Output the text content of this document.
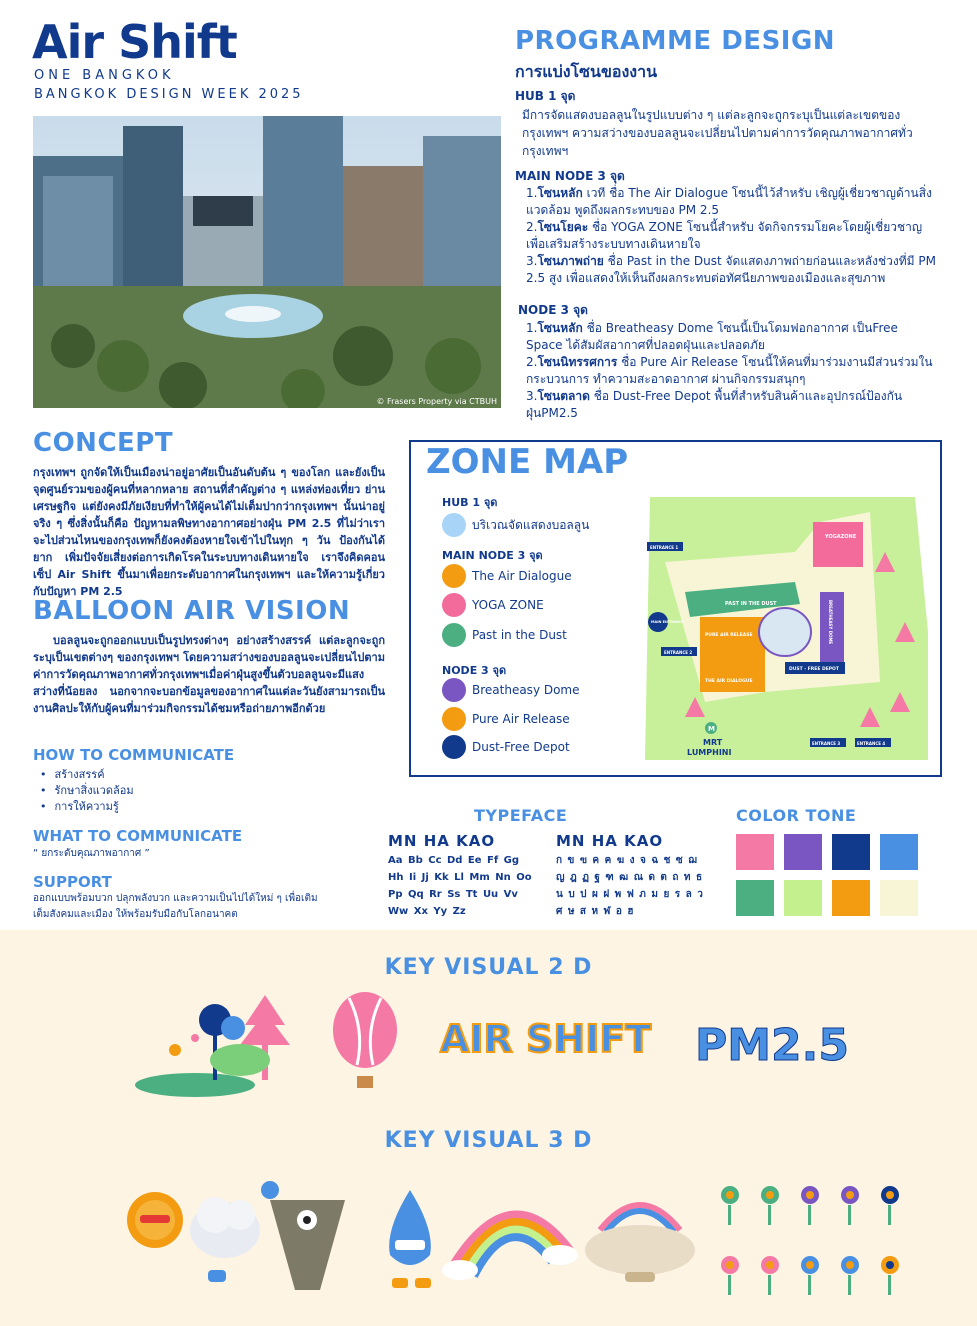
Air Shift
ONE BANGKOK
BANGKOK DESIGN WEEK 2025
© Frasers Property via CTBUH
PROGRAMME DESIGN
การแบ่งโซนของงาน
HUB 1 จุด
มีการจัดแสดงบอลลูนในรูปแบบต่าง ๆ แต่ละลูกจะถูกระบุเป็นแต่ละเขตของกรุงเทพฯ ความสว่างของบอลลูนจะเปลี่ยนไปตามค่าการวัดคุณภาพอากาศทั่วกรุงเทพฯ
MAIN NODE 3 จุด
1.โซนหลัก เวที ชื่อ The Air Dialogue โซนนี้ไว้สำหรับ เชิญผู้เชี่ยวชาญด้านสิ่งแวดล้อม พูดถึงผลกระทบของ PM 2.5
2.โซนโยคะ ชื่อ YOGA ZONE โซนนี้สำหรับ จัดกิจกรรมโยคะโดยผู้เชี่ยวชาญ เพื่อเสริมสร้างระบบทางเดินหายใจ
3.โซนภาพถ่าย ชื่อ Past in the Dust จัดแสดงภาพถ่ายก่อนและหลังช่วงที่มี PM 2.5 สูง เพื่อแสดงให้เห็นถึงผลกระทบต่อทัศนียภาพของเมืองและสุขภาพ
NODE 3 จุด
1.โซนหลัก ชื่อ Breatheasy Dome โซนนี้เป็นโดมฟอกอากาศ เป็นFree Space ได้สัมผัสอากาศที่ปลอดฝุ่นและปลอดภัย
2.โซนนิทรรศการ ชื่อ Pure Air Release โซนนี้ให้คนที่มาร่วมงานมีส่วนร่วมในกระบวนการ ทำความสะอาดอากาศ ผ่านกิจกรรมสนุกๆ
3.โซนตลาด ชื่อ Dust-Free Depot พื้นที่สำหรับสินค้าและอุปกรณ์ป้องกันฝุ่นPM2.5
CONCEPT
กรุงเทพฯ ถูกจัดให้เป็นเมืองน่าอยู่อาศัยเป็นอันดับต้น ๆ ของโลก และยังเป็นจุดศูนย์รวมของผู้คนที่หลากหลาย สถานที่สำคัญต่าง ๆ แหล่งท่องเที่ยว ย่านเศรษฐกิจ แต่ยังคงมีภัยเงียบที่ทำให้ผู้คนได้ไม่เต็มปากว่ากรุงเทพฯ นั้นน่าอยู่จริง ๆ ซึ่งสิ่งนั้นก็คือ ปัญหามลพิษทางอากาศอย่างฝุ่น PM 2.5 ที่ไม่ว่าเราจะไปส่วนไหนของกรุงเทพก็ยังคงต้องหายใจเข้าไปในทุก ๆ วัน ป้องกันได้ยาก เพิ่มปัจจัยเสี่ยงต่อการเกิดโรคในระบบทางเดินหายใจ เราจึงคิดคอนเซ็ป Air Shift ขึ้นมาเพื่อยกระดับอากาศในกรุงเทพฯ และให้ความรู้เกี่ยวกับปัญหา PM 2.5
BALLOON AIR VISION
บอลลูนจะถูกออกแบบเป็นรูปทรงต่างๆ อย่างสร้างสรรค์ แต่ละลูกจะถูกระบุเป็นเขตต่างๆ ของกรุงเทพฯ โดยความสว่างของบอลลูนจะเปลี่ยนไปตามค่าการวัดคุณภาพอากาศทั่วกรุงเทพฯเมื่อค่าฝุ่นสูงขึ้นตัวบอลลูนจะมีแสงสว่างที่น้อยลง นอกจากจะบอกข้อมูลของอากาศในแต่ละวันยังสามารถเป็นงานศิลปะให้กับผู้คนที่มาร่วมกิจกรรมได้ชมหรือถ่ายภาพอีกด้วย
HOW TO COMMUNICATE
• สร้างสรรค์
• รักษาสิ่งแวดล้อม
• การให้ความรู้
WHAT TO COMMUNICATE
“ ยกระดับคุณภาพอากาศ ”
SUPPORT
ออกแบบพร้อมบวก ปลุกพลังบวก และความเป็นไปได้ใหม่ ๆ เพื่อเติมเต็มสังคมและเมือง ให้พร้อมรับมือกับโลกอนาคต
ZONE MAP
HUB 1 จุด
บริเวณจัดแสดงบอลลูน
MAIN NODE 3 จุด
The Air Dialogue
YOGA ZONE
Past in the Dust
NODE 3 จุด
Breatheasy Dome
Pure Air Release
Dust-Free Depot
YOGAZONE
PAST IN THE DUST
PURE AIR RELEASE
THE AIR DIALOGUE
BREATHEASY DOME
DUST - FREE DEPOT
ENTRANCE 1
ENTRANCE 2
MAIN ENTRANCE
ENTRANCE 3	ENTRANCE 4
M
MRT
LUMPHINI
TYPEFACE
MN HA KAO
Aa Bb Cc Dd Ee Ff Gg Hh Ii Jj Kk Ll Mm Nn Oo Pp Qq Rr Ss Tt Uu Vv Ww Xx Yy Zz
MN HA KAO
ก ข ฃ ค ฅ ฆ ง จ ฉ ช ซ ฌ ญ ฎ ฏ ฐ ฑ ฒ ณ ด ต ถ ท ธ น บ ป ผ ฝ พ ฟ ภ ม ย ร ล ว ศ ษ ส ห ฬ อ ฮ
COLOR TONE
KEY VISUAL 2 D
AIR SHIFT PM2.5
KEY VISUAL 3 D
